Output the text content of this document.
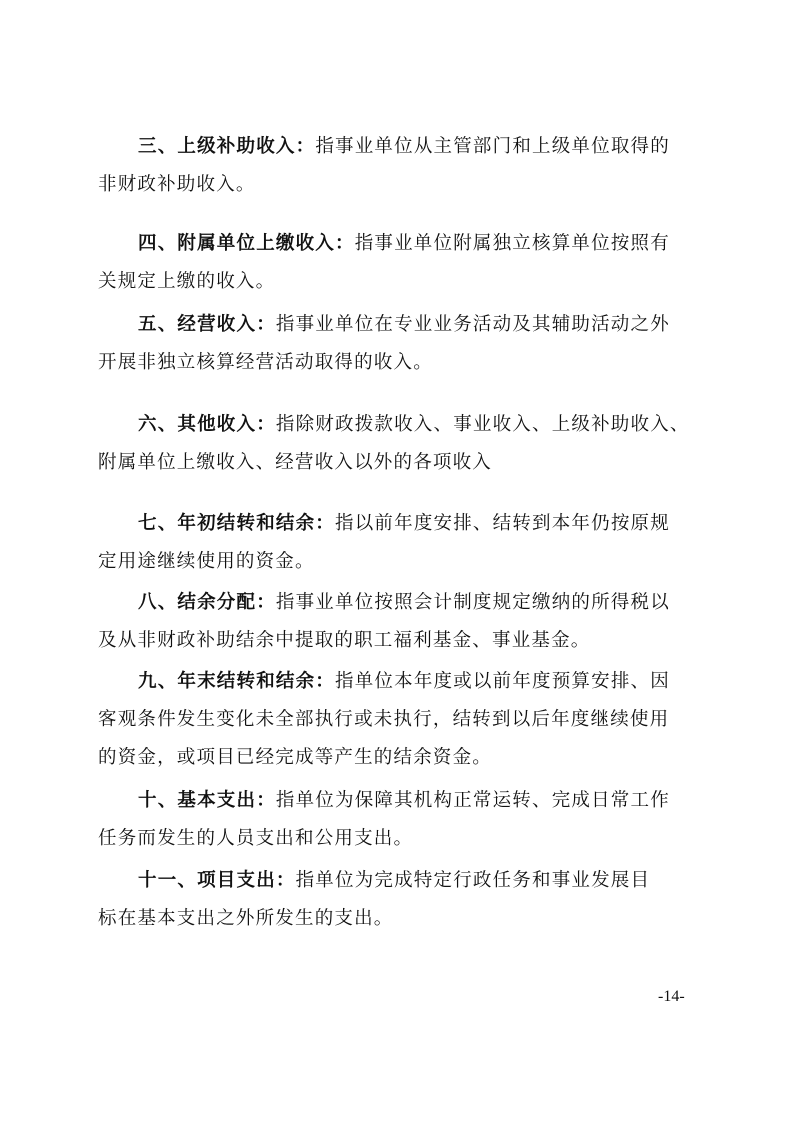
三、上级补助收入：指事业单位从主管部门和上级单位取得的
非财政补助收入。
四、附属单位上缴收入：指事业单位附属独立核算单位按照有
关规定上缴的收入。
五、经营收入：指事业单位在专业业务活动及其辅助活动之外
开展非独立核算经营活动取得的收入。
六、其他收入：指除财政拨款收入、事业收入、上级补助收入、
附属单位上缴收入、经营收入以外的各项收入
七、年初结转和结余：指以前年度安排、结转到本年仍按原规
定用途继续使用的资金。
八、结余分配：指事业单位按照会计制度规定缴纳的所得税以
及从非财政补助结余中提取的职工福利基金、事业基金。
九、年末结转和结余：指单位本年度或以前年度预算安排、因
客观条件发生变化未全部执行或未执行，结转到以后年度继续使用
的资金，或项目已经完成等产生的结余资金。
十、基本支出：指单位为保障其机构正常运转、完成日常工作
任务而发生的人员支出和公用支出。
十一、项目支出：指单位为完成特定行政任务和事业发展目
标在基本支出之外所发生的支出。
-14-
